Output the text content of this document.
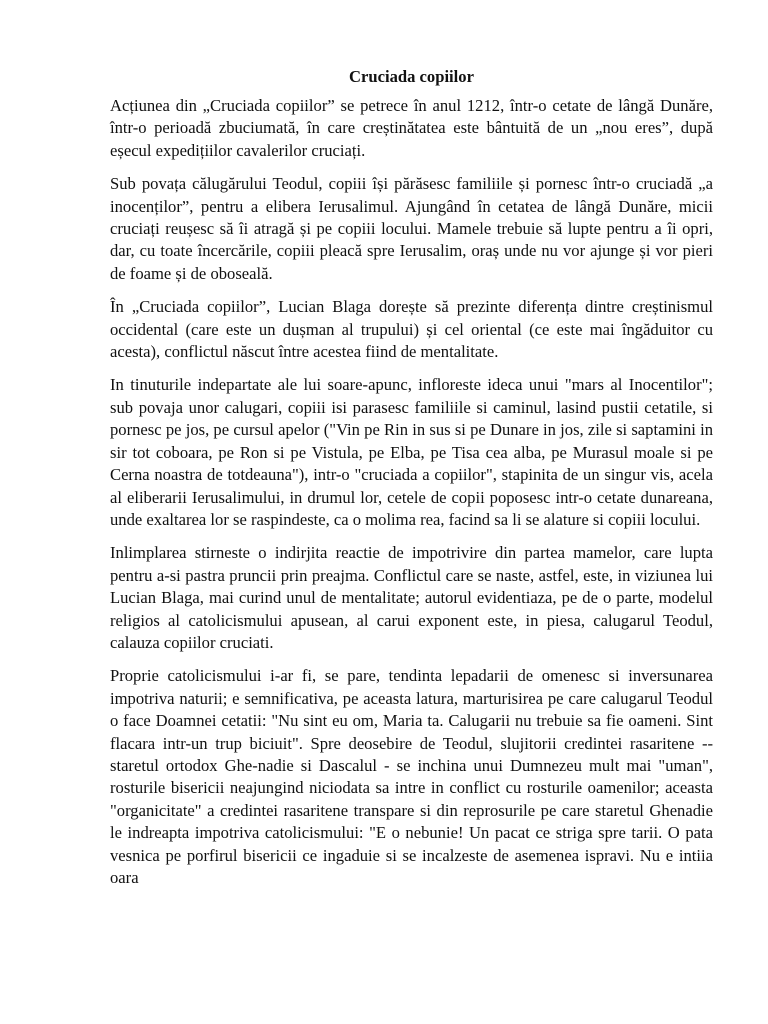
Cruciada copiilor

Acțiunea din „Cruciada copiilor” se petrece în anul 1212, într-o cetate de lângă Dunăre, într-o perioadă zbuciumată, în care creștinătatea este bântuită de un „nou eres”, după eșecul expedițiilor cavalerilor cruciați.

Sub povața călugărului Teodul, copiii își părăsesc familiile și pornesc într-o cruciadă „a inocenților”, pentru a elibera Ierusalimul. Ajungând în cetatea de lângă Dunăre, micii cruciați reușesc să îi atragă și pe copiii locului. Mamele trebuie să lupte pentru a îi opri, dar, cu toate încercările, copiii pleacă spre Ierusalim, oraș unde nu vor ajunge și vor pieri de foame și de oboseală.

În „Cruciada copiilor”, Lucian Blaga dorește să prezinte diferența dintre creștinismul occidental (care este un dușman al trupului) și cel oriental (ce este mai îngăduitor cu acesta), conflictul născut între acestea fiind de mentalitate.

In tinuturile indepartate ale lui soare-apunc, infloreste ideca unui "mars al Inocentilor"; sub povaja unor calugari, copiii isi parasesc familiile si caminul, lasind pustii cetatile, si pornesc pe jos, pe cursul apelor ("Vin pe Rin in sus si pe Dunare in jos, zile si saptamini in sir tot coboara, pe Ron si pe Vistula, pe Elba, pe Tisa cea alba, pe Murasul moale si pe Cerna noastra de totdeauna"), intr-o "cruciada a copiilor", stapinita de un singur vis, acela al eliberarii Ierusalimului, in drumul lor, cetele de copii poposesc intr-o cetate dunareana, unde exaltarea lor se raspindeste, ca o molima rea, facind sa li se alature si copiii locului.

Inlimplarea stirneste o indirjita reactie de impotrivire din partea mamelor, care lupta pentru a-si pastra pruncii prin preajma. Conflictul care se naste, astfel, este, in viziunea lui Lucian Blaga, mai curind unul de mentalitate; autorul evidentiaza, pe de o parte, modelul religios al catolicismului apusean, al carui exponent este, in piesa, calugarul Teodul, calauza copiilor cruciati.

Proprie catolicismului i-ar fi, se pare, tendinta lepadarii de omenesc si inversunarea impotriva naturii; e semnificativa, pe aceasta latura, marturisirea pe care calugarul Teodul o face Doamnei cetatii: "Nu sint eu om, Maria ta. Calugarii nu trebuie sa fie oameni. Sint flacara intr-un trup biciuit". Spre deosebire de Teodul, slujitorii credintei rasaritene -- staretul ortodox Ghe-nadie si Dascalul - se inchina unui Dumnezeu mult mai "uman", rosturile bisericii neajungind niciodata sa intre in conflict cu rosturile oamenilor; aceasta "organicitate" a credintei rasaritene transpare si din reprosurile pe care staretul Ghenadie le indreapta impotriva catolicismului: "E o nebunie! Un pacat ce striga spre tarii. O pata vesnica pe porfirul bisericii ce ingaduie si se incalzeste de asemenea ispravi. Nu e intiia oara
